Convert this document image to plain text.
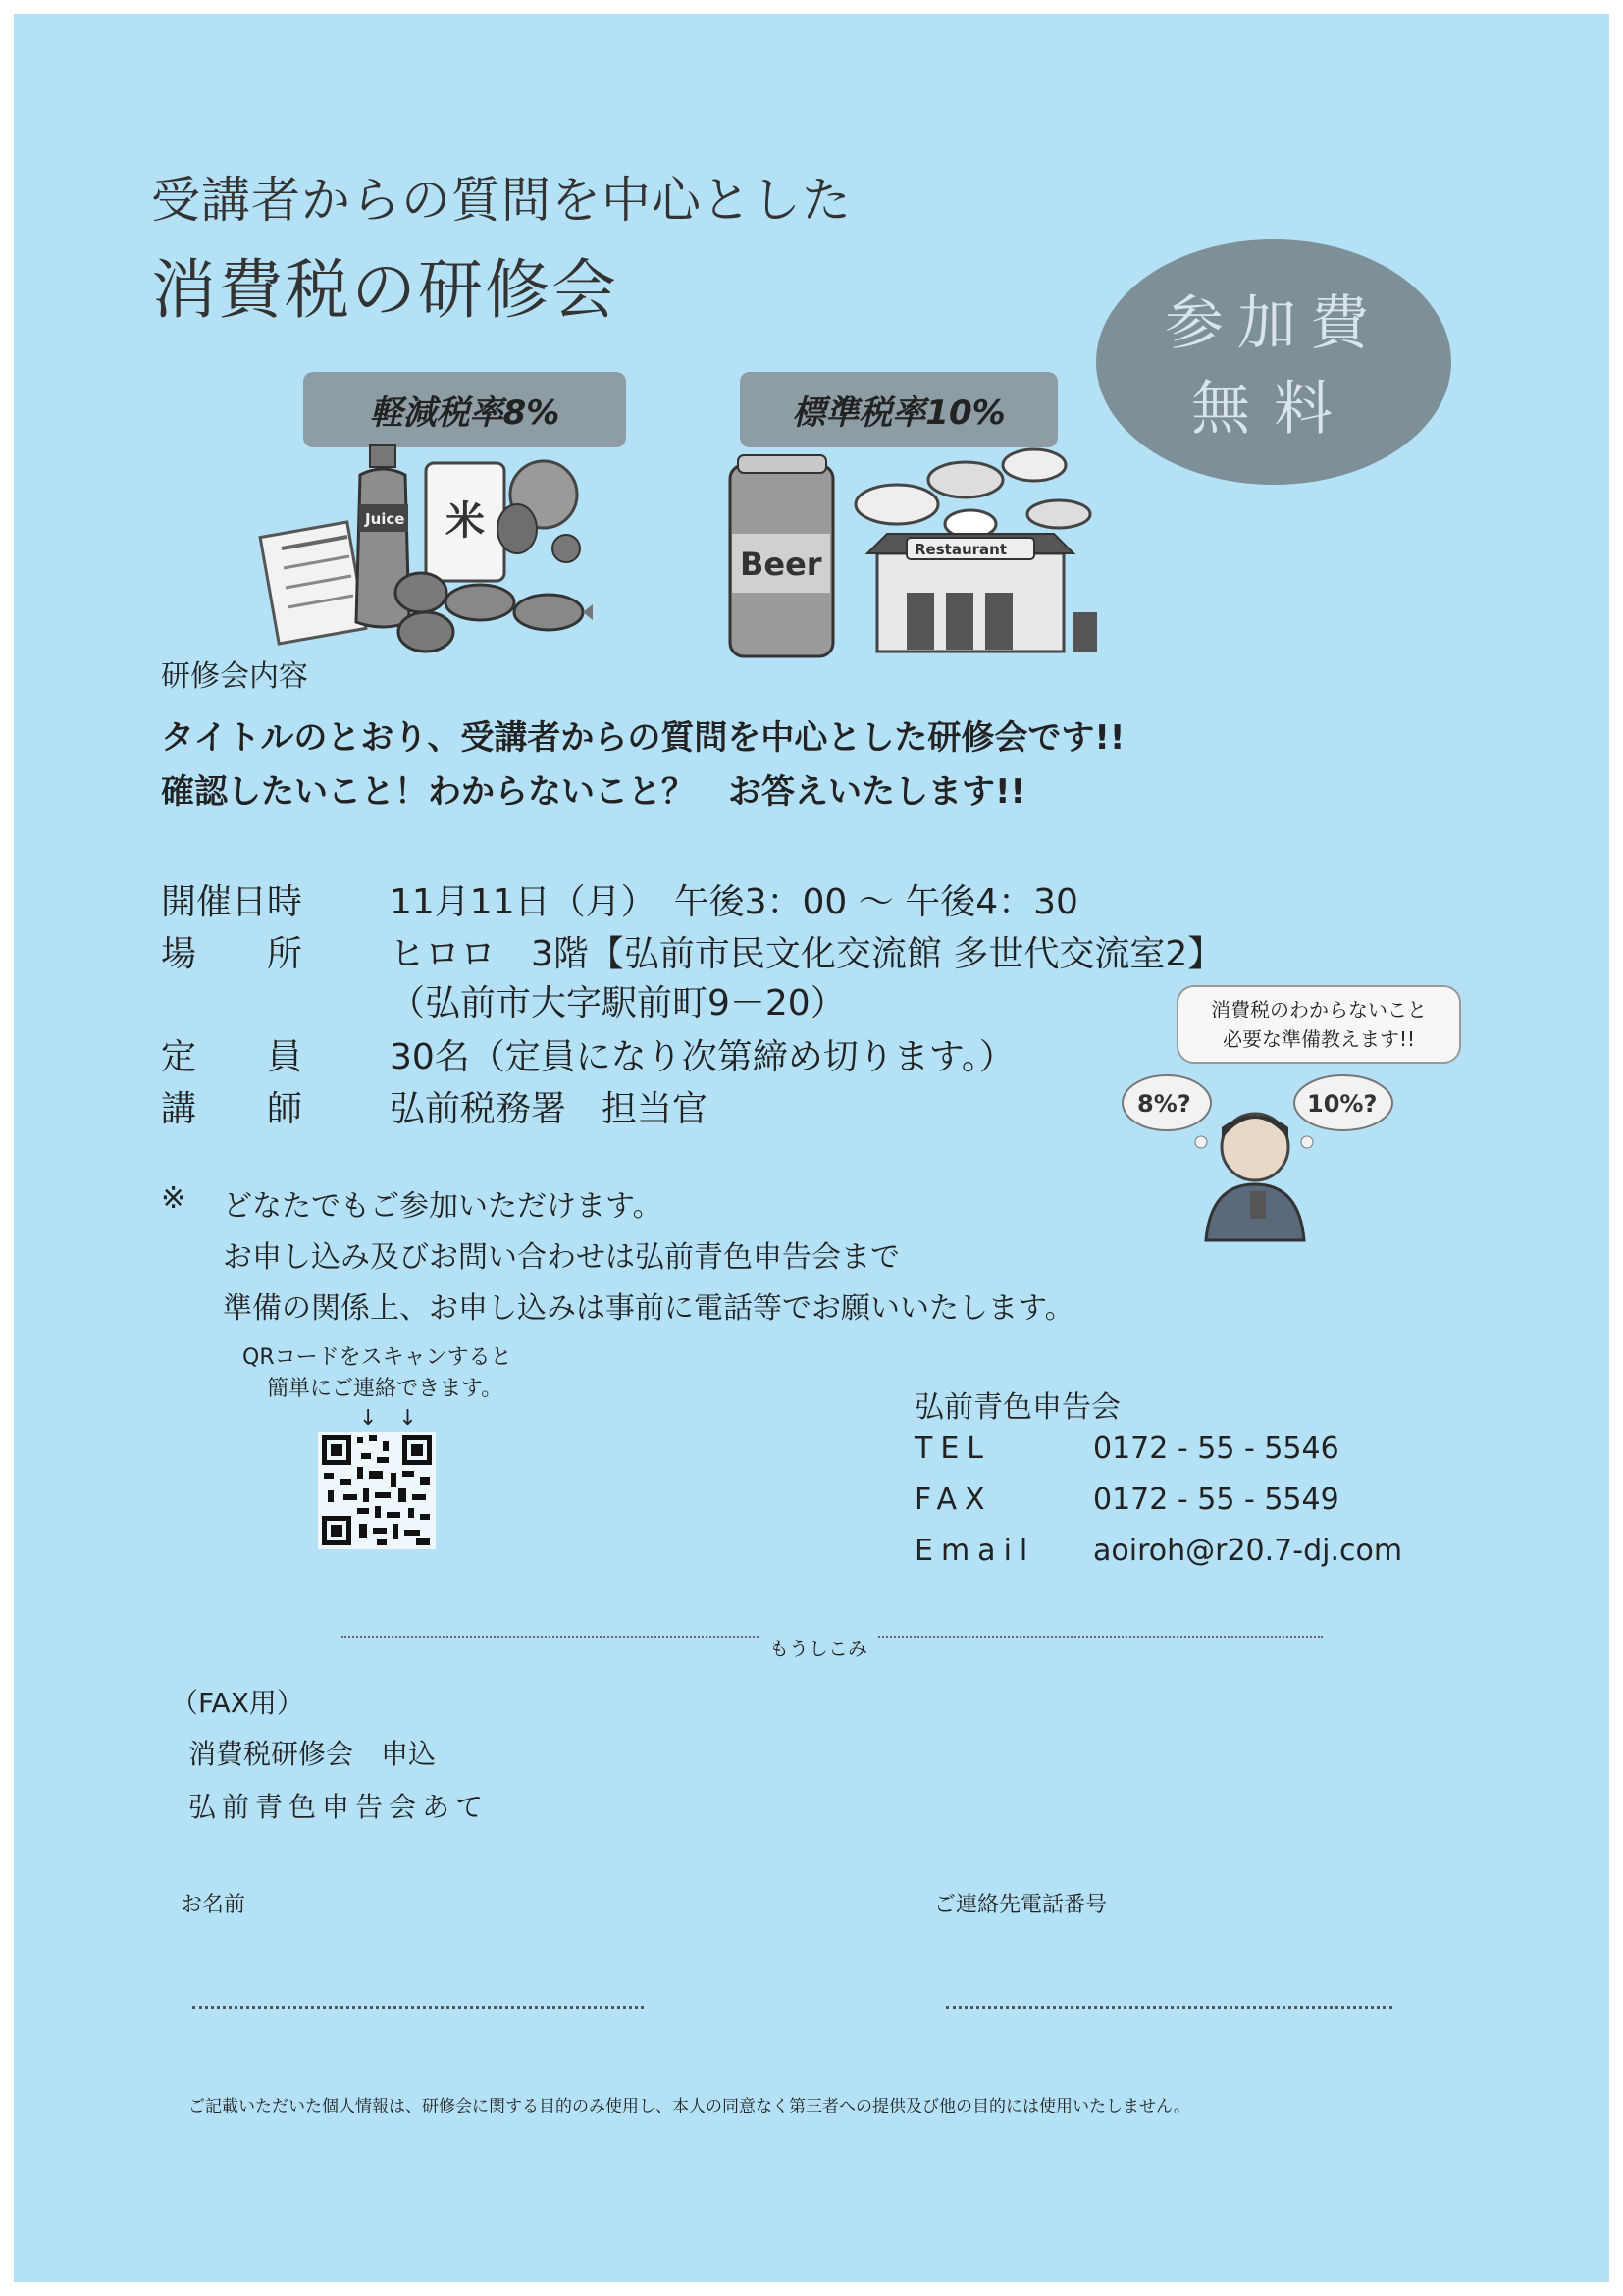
受講者からの質問を中心とした
消費税の研修会	参加費
無料
軽減税率8%	標準税率10%
Juice 米
Beer	Restaurant
研修会内容
タイトルのとおり、受講者からの質問を中心とした研修会です!!
確認したいこと！わからないこと？　お答えいたします!!
開催日時 11月11日（月）　午後3：00 ～ 午後4：30
場　　所 ヒロロ　3階【弘前市民文化交流館 多世代交流室2】
（弘前市大字駅前町9－20）
定　　員 30名（定員になり次第締め切ります。）
講　　師 弘前税務署　担当官
消費税のわからないこと
必要な準備教えます!!
8%?	10%?
※ どなたでもご参加いただけます。
お申し込み及びお問い合わせは弘前青色申告会まで
準備の関係上、お申し込みは事前に電話等でお願いいたします。
QRコードをスキャンすると
簡単にご連絡できます。
↓　↓	弘前青色申告会
TEL	0172 - 55 - 5546
FAX	0172 - 55 - 5549
Email aoiroh@r20.7-dj.com
もうしこみ
（FAX用）
消費税研修会　申込
弘前青色申告会あて
お名前	ご連絡先電話番号
ご記載いただいた個人情報は、研修会に関する目的のみ使用し、本人の同意なく第三者への提供及び他の目的には使用いたしません。
